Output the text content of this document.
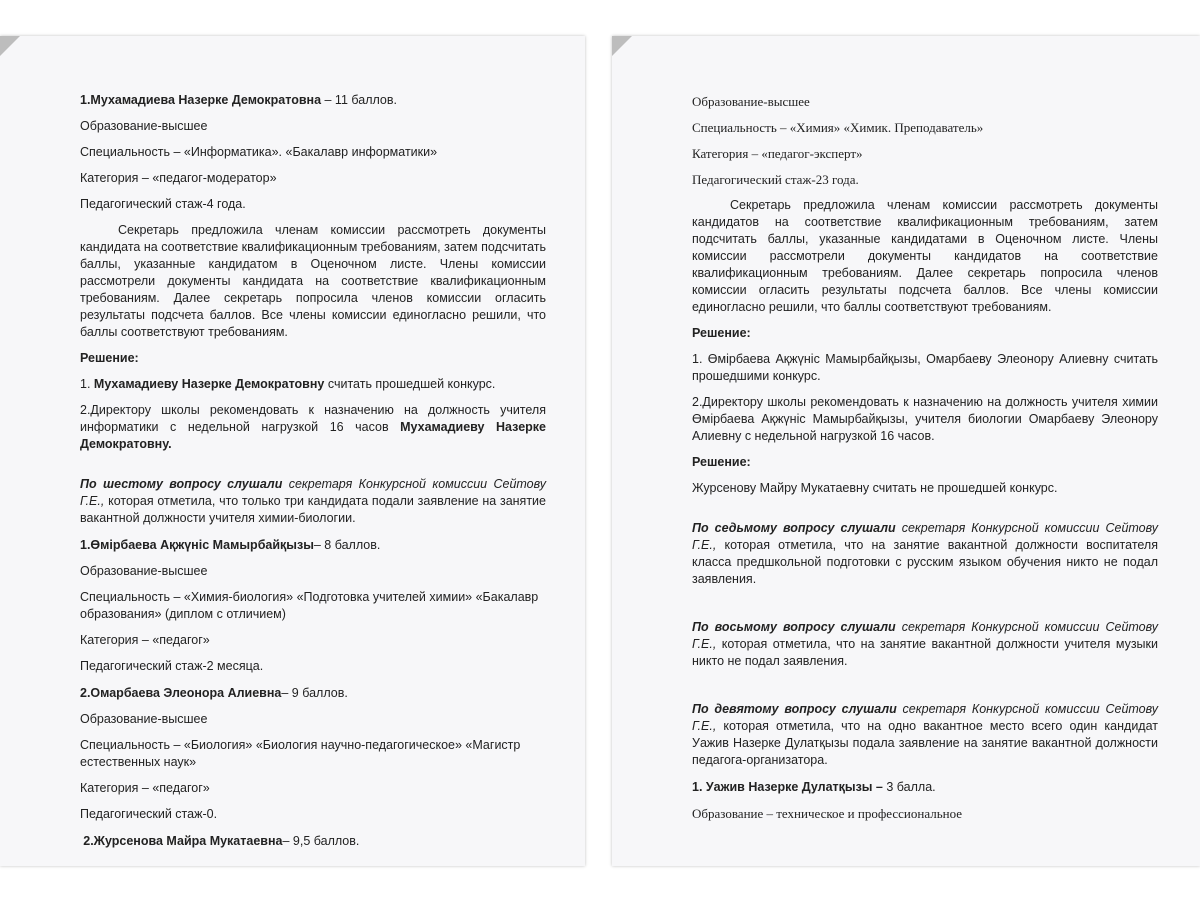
1.Мухамадиева Назерке Демократовна – 11 баллов.

Образование-высшее

Специальность – «Информатика». «Бакалавр информатики»

Категория – «педагог-модератор»

Педагогический стаж-4 года.

Секретарь предложила членам комиссии рассмотреть документы кандидата на соответствие квалификационным требованиям, затем подсчитать баллы, указанные кандидатом в Оценочном листе. Члены комиссии рассмотрели документы кандидата на соответствие квалификационным требованиям. Далее секретарь попросила членов комиссии огласить результаты подсчета баллов. Все члены комиссии единогласно решили, что баллы соответствуют требованиям.

Решение:

1. Мухамадиеву Назерке Демократовну считать прошедшей конкурс.

2.Директору школы рекомендовать к назначению на должность учителя информатики с недельной нагрузкой 16 часов Мухамадиеву Назерке Демократовну.

По шестому вопросу слушали секретаря Конкурсной комиссии Сейтову Г.Е., которая отметила, что только три кандидата подали заявление на занятие вакантной должности учителя химии-биологии.

1.Өмірбаева Ақжүніс Мамырбайқызы– 8 баллов.

Образование-высшее

Специальность – «Химия-биология» «Подготовка учителей химии» «Бакалавр образования» (диплом с отличием)

Категория – «педагог»

Педагогический стаж-2 месяца.

2.Омарбаева Элеонора Алиевна– 9 баллов.

Образование-высшее

Специальность – «Биология» «Биология научно-педагогическое» «Магистр естественных наук»

Категория – «педагог»

Педагогический стаж-0.

2.Журсенова Майра Мукатаевна– 9,5 баллов.

Образование-высшее

Специальность – «Химия» «Химик. Преподаватель»

Категория – «педагог-эксперт»

Педагогический стаж-23 года.

Секретарь предложила членам комиссии рассмотреть документы кандидатов на соответствие квалификационным требованиям, затем подсчитать баллы, указанные кандидатами в Оценочном листе. Члены комиссии рассмотрели документы кандидатов на соответствие квалификационным требованиям. Далее секретарь попросила членов комиссии огласить результаты подсчета баллов. Все члены комиссии единогласно решили, что баллы соответствуют требованиям.

Решение:

1. Өмірбаева Ақжүніс Мамырбайқызы, Омарбаеву Элеонору Алиевну считать прошедшими конкурс.

2.Директору школы рекомендовать к назначению на должность учителя химии Өмірбаева Ақжүніс Мамырбайқызы, учителя биологии Омарбаеву Элеонору Алиевну с недельной нагрузкой 16 часов.

Решение:

Журсенову Майру Мукатаевну считать не прошедшей конкурс.

По седьмому вопросу слушали секретаря Конкурсной комиссии Сейтову Г.Е., которая отметила, что на занятие вакантной должности воспитателя класса предшкольной подготовки с русским языком обучения никто не подал заявления.

По восьмому вопросу слушали секретаря Конкурсной комиссии Сейтову Г.Е., которая отметила, что на занятие вакантной должности учителя музыки никто не подал заявления.

По девятому вопросу слушали секретаря Конкурсной комиссии Сейтову Г.Е., которая отметила, что на одно вакантное место всего один кандидат Уажив Назерке Дулатқызы подала заявление на занятие вакантной должности педагога-организатора.

1. Уажив Назерке Дулатқызы – 3 балла.

Образование – техническое и профессиональное
